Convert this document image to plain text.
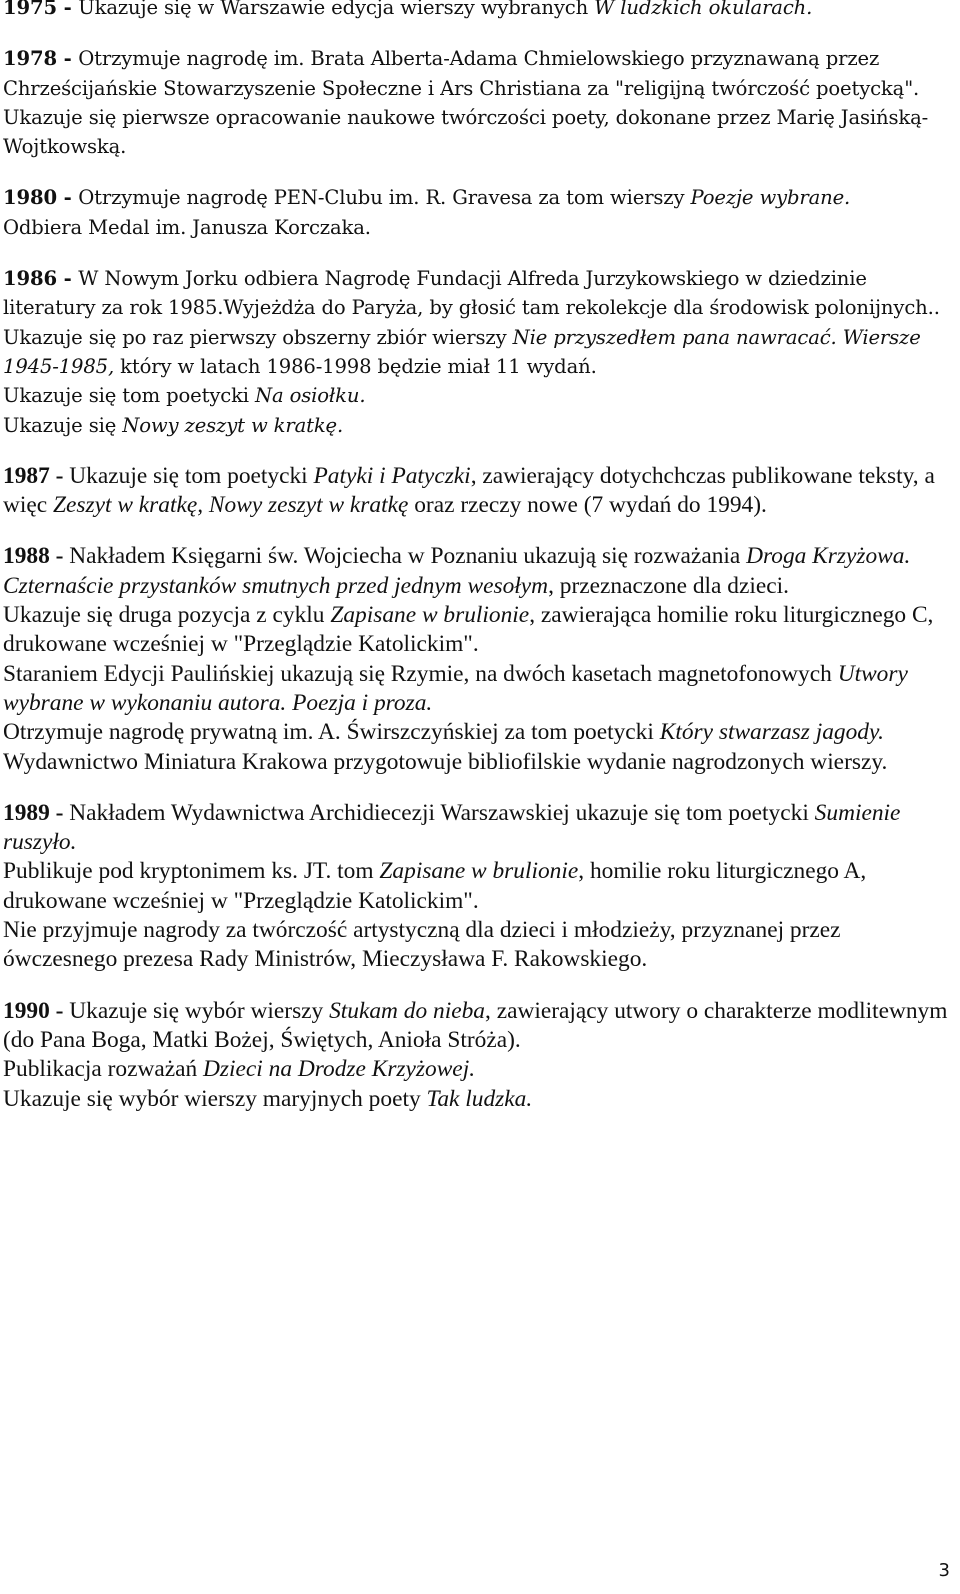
1975 - Ukazuje się w Warszawie edycja wierszy wybranych W ludzkich okularach.

1978 - Otrzymuje nagrodę im. Brata Alberta-Adama Chmielowskiego przyznawaną przez Chrześcijańskie Stowarzyszenie Społeczne i Ars Christiana za "religijną twórczość poetycką".

Ukazuje się pierwsze opracowanie naukowe twórczości poety, dokonane przez Marię Jasińską-Wojtkowską.

1980 - Otrzymuje nagrodę PEN-Clubu im. R. Gravesa za tom wierszy Poezje wybrane.

Odbiera Medal im. Janusza Korczaka.

1986 - W Nowym Jorku odbiera Nagrodę Fundacji Alfreda Jurzykowskiego w dziedzinie literatury za rok 1985.Wyjeżdża do Paryża, by głosić tam rekolekcje dla środowisk polonijnych..

Ukazuje się po raz pierwszy obszerny zbiór wierszy Nie przyszedłem pana nawracać. Wiersze 1945-1985, który w latach 1986-1998 będzie miał 11 wydań.

Ukazuje się tom poetycki Na osiołku.

Ukazuje się Nowy zeszyt w kratkę.

1987 - Ukazuje się tom poetycki Patyki i Patyczki, zawierający dotychchczas publikowane teksty, a więc Zeszyt w kratkę, Nowy zeszyt w kratkę oraz rzeczy nowe (7 wydań do 1994).

1988 - Nakładem Księgarni św. Wojciecha w Poznaniu ukazują się rozważania Droga Krzyżowa. Czternaście przystanków smutnych przed jednym wesołym, przeznaczone dla dzieci.

Ukazuje się druga pozycja z cyklu Zapisane w brulionie, zawierająca homilie roku liturgicznego C, drukowane wcześniej w "Przeglądzie Katolickim".

Staraniem Edycji Paulińskiej ukazują się Rzymie, na dwóch kasetach magnetofonowych Utwory wybrane w wykonaniu autora. Poezja i proza.

Otrzymuje nagrodę prywatną im. A. Świrszczyńskiej za tom poetycki Który stwarzasz jagody. Wydawnictwo Miniatura Krakowa przygotowuje bibliofilskie wydanie nagrodzonych wierszy.

1989 - Nakładem Wydawnictwa Archidiecezji Warszawskiej ukazuje się tom poetycki Sumienie ruszyło.

Publikuje pod kryptonimem ks. JT. tom Zapisane w brulionie, homilie roku liturgicznego A, drukowane wcześniej w "Przeglądzie Katolickim".

Nie przyjmuje nagrody za twórczość artystyczną dla dzieci i młodzieży, przyznanej przez ówczesnego prezesa Rady Ministrów, Mieczysława F. Rakowskiego.

1990 - Ukazuje się wybór wierszy Stukam do nieba, zawierający utwory o charakterze modlitewnym (do Pana Boga, Matki Bożej, Świętych, Anioła Stróża).

Publikacja rozważań Dzieci na Drodze Krzyżowej.

Ukazuje się wybór wierszy maryjnych poety Tak ludzka.

3
